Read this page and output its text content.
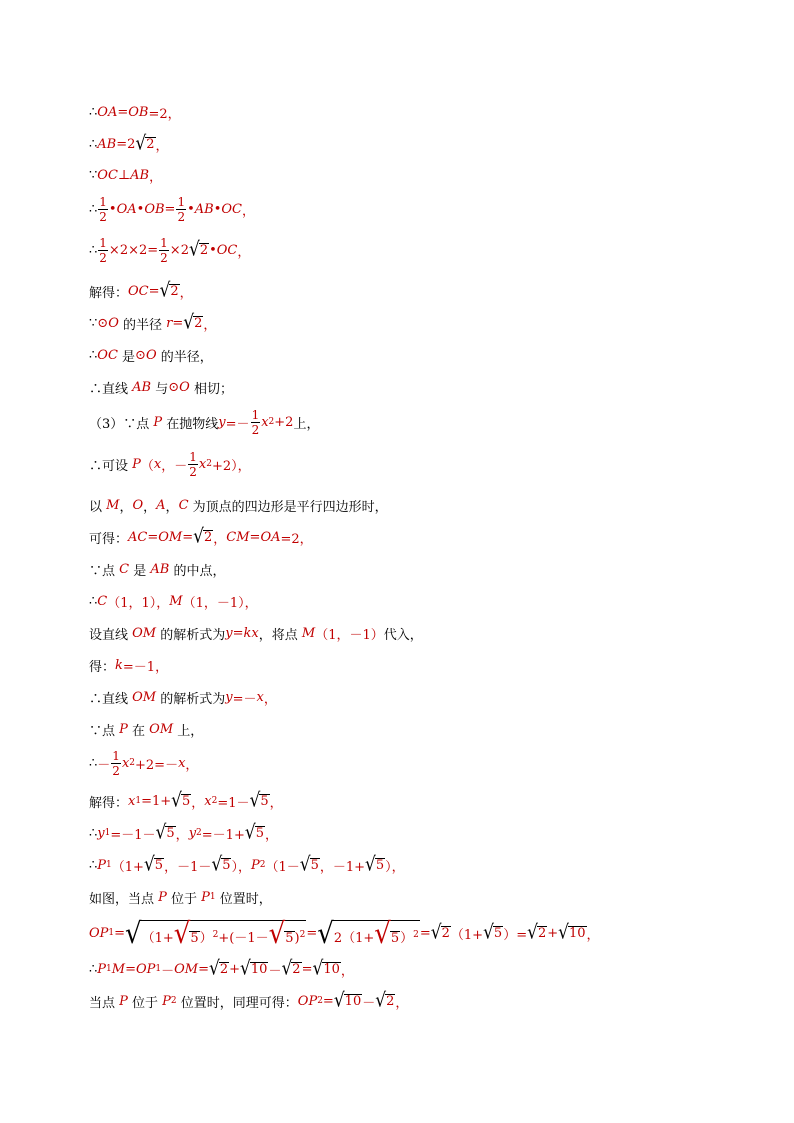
∴ OA = OB =2，
∴ AB =2 √ 2 ，
∵ OC ⊥ AB ，
∴ $\frac{1}{2}$ • OA • OB = $\frac{1}{2}$ • AB • OC ，
∴ $\frac{1}{2} \times 2\times 2= \frac{1}{2} \times 2$ √ 2 • OC ，
解得： OC = √ 2 ，
∵ ⊙ O 的半径 r = √ 2 ，
∴ OC 是 ⊙ O 的半径，
∴直线 AB 与 ⊙ O 相切；
（3）∵点 P 在抛物线 $y =- \frac{1}{2}$ x 2 +2 上，
∴可设 P （ x ，－ $\frac{1}{2}$ x 2 +2），
以 M ， O ， A ， C 为顶点的四边形是平行四边形时，
可得： AC = OM = √ 2 ， CM = OA =2，
∵点 C 是 AB 的中点，
∴ C （1，1）， M （1，－1），
设直线 OM 的解析式为 y = kx ，将点 M （1，－1） 代入，
得： k =－1，
∴直线 OM 的解析式为 y =－ x ，
∵点 P 在 OM 上，
∴ － $\frac{1}{2}$ x 2 +2=－ x ，
解得： x 1 =1+ √ 5 ， x 2 =1－ √ 5 ，
∴ y 1 =－1－ √ 5 ， y 2 =－1+ √ 5 ，
∴ P 1 （1+ √ 5 ，－1－ √ 5 ）， P 2 （1－ √ 5 ，－1+ √ 5 ），
如图，当点 P 位于 P 1 位置时，
OP 1 = √ （1+ √ 5 ）$^2$+(－1－ √ 5 )$^2$ = √ 2（1+ √ 5 ）$^2$ = √ 2 （1+ √ 5 ）= √ 2 + √ 10 ，
∴ P 1 M = OP 1 － OM = √ 2 + √ 10 － √ 2 = √ 10 ，
当点 P 位于 P 2 位置时，同理可得： OP 2 = √ 10 － √ 2 ，
